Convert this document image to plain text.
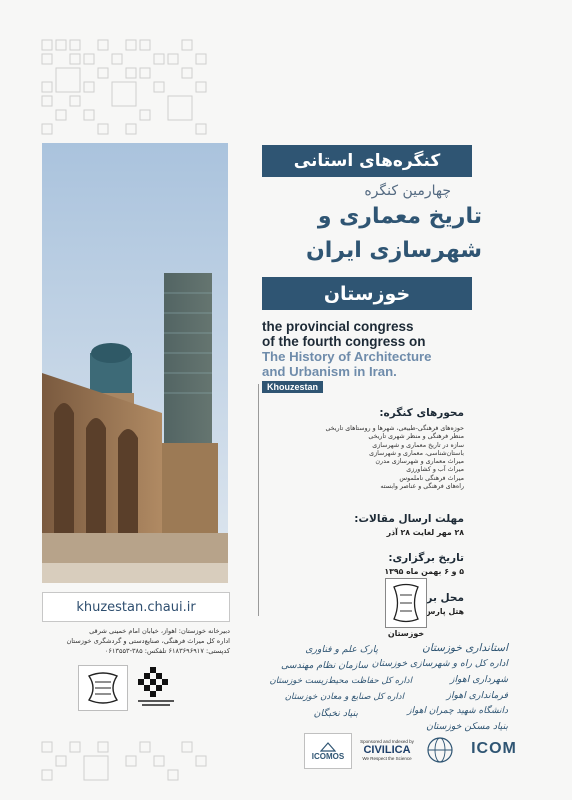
khuzestan.chaui.ir
دبیرخانه خوزستان: اهواز، خیابان امام خمینی شرقی
اداره کل میراث فرهنگی، صنایع‌دستی و گردشگری خوزستان
کدپستی: ۶۱۸۳۶۹۶۹۱۷ تلفکس: ۳۸۵-۰۶۱۳۵۵۳
کنگره‌های استانی
چهارمین کنگره
تاریخ معماری و
شهرسازی ایران
خوزستان
the provincial congress
of the fourth congress on
The History of Architecture
and Urbanism in Iran.
Khouzestan
محورهای کنگره:
حوزه‌های فرهنگی-طبیعی، شهرها و روستاهای تاریخی
منظر فرهنگی و منظر شهری تاریخی
سازه در تاریخ معماری و شهرسازی
باستان‌شناسی، معماری و شهرسازی
میراث معماری و شهرسازی مدرن
میراث آب و کشاورزی
میراث فرهنگی ناملموس
راه‌های فرهنگی و عناصر وابسته
مهلت ارسال مقالات:
۲۸ مهر لغایت ۲۸ آذر
تاریخ برگزاری:
۵ و ۶ بهمن ماه ۱۳۹۵
محل برگزاری:
هتل پارس اهواز
خوزستان
استانداری خوزستان
پارک علم و فناوری
اداره کل راه و شهرسازی خوزستان
سازمان نظام مهندسی
شهرداری اهواز
اداره کل حفاظت محیط‌زیست خوزستان
فرمانداری اهواز
اداره کل صنایع و معادن خوزستان
دانشگاه شهید چمران اهواز
بنیاد نخبگان
بنیاد مسکن خوزستان
ICOMOS
Sponsored and Indexed by
CIVILICA
We Respect the Science
ICOM
